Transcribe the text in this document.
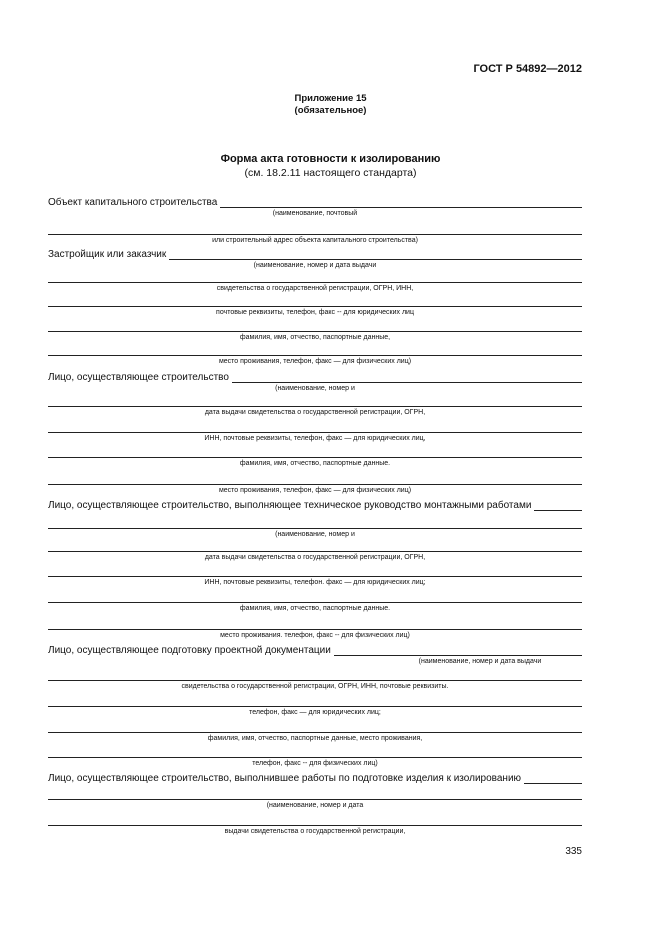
ГОСТ Р 54892—2012
Приложение 15
(обязательное)
Форма акта готовности к изолированию
(см. 18.2.11 настоящего стандарта)
Объект капитального строительства
(наименование, почтовый
или строительный адрес объекта капитального строительства)
Застройщик или заказчик
(наименование, номер и дата выдачи
свидетельства о государственной регистрации, ОГРН, ИНН,
почтовые реквизиты, телефон, факс -- для юридических лиц
фамилия, имя, отчество, паспортные данные,
место проживания, телефон, факс — для физических лиц)
Лицо, осуществляющее строительство
(наименование, номер и
дата выдачи свидетельства о государственной регистрации, ОГРН,
ИНН, почтовые реквизиты, телефон, факс — для юридических лиц,
фамилия, имя, отчество, паспортные данные.
место проживания, телефон, факс — для физических лиц)
Лицо, осуществляющее строительство, выполняющее техническое руководство монтажными работами
(наименование, номер и
дата выдачи свидетельства о государственной регистрации, ОГРН,
ИНН, почтовые реквизиты, телефон. факс — для юридических лиц;
фамилия, имя, отчество, паспортные данные.
место проживания. телефон, факс -- для физических лиц)
Лицо, осуществляющее подготовку проектной документации
(наименование, номер и дата выдачи
свидетельства о государственной регистрации, ОГРН, ИНН, почтовые реквизиты.
телефон, факс — для юридических лиц;
фамилия, имя, отчество, паспортные данные, место проживания,
телефон, факс -- для физических лиц)
Лицо, осуществляющее строительство, выполнившее работы по подготовке изделия к изолированию
(наименование, номер и дата
выдачи свидетельства о государственной регистрации,
335
